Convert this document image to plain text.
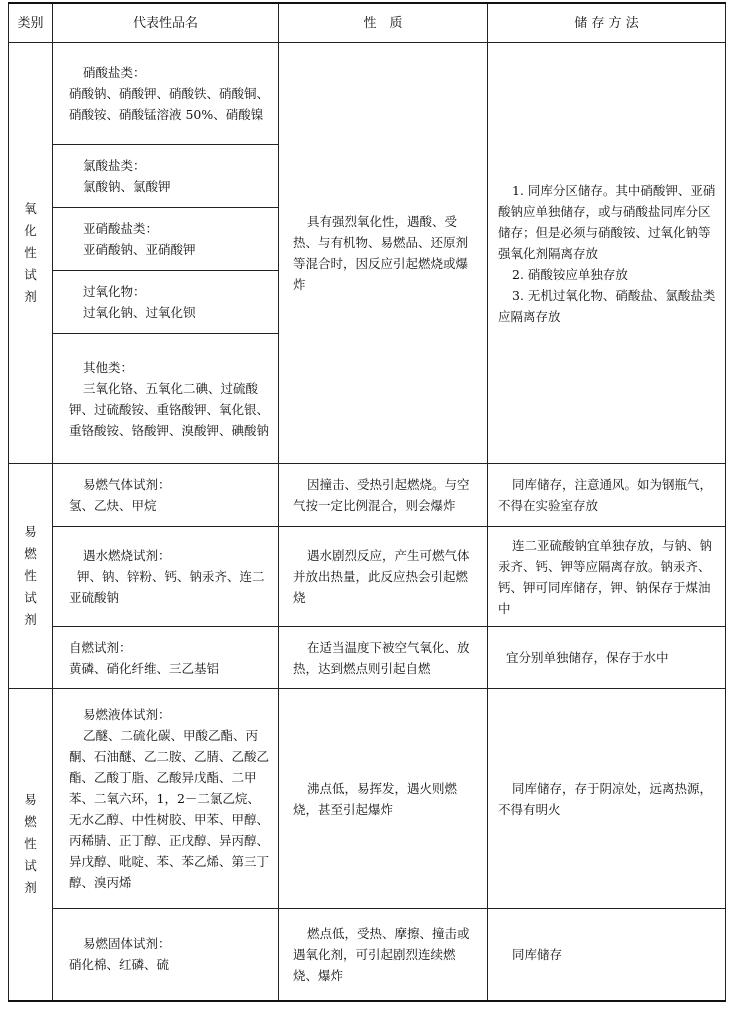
类别	代表性品名	性　质	储 存 方 法

氧
化
性
试
剂	硝酸盐类：
硝酸钠、硝酸钾、硝酸铁、硝酸铜、硝酸铵、硝酸锰溶液 50%、硝酸镍	具有强烈氧化性，遇酸、受热、与有机物、易燃品、还原剂等混合时，因反应引起燃烧或爆炸	1. 同库分区储存。其中硝酸钾、亚硝酸钠应单独储存，或与硝酸盐同库分区储存；但是必须与硝酸铵、过氧化钠等强氧化剂隔离存放
2. 硝酸铵应单独存放
3. 无机过氧化物、硝酸盐、氯酸盐类应隔离存放

	氯酸盐类：
氯酸钠、氯酸钾		

	亚硝酸盐类：
亚硝酸钠、亚硝酸钾		

	过氧化物：
过氧化钠、过氧化钡		

	其他类：
三氧化铬、五氧化二碘、过硫酸钾、过硫酸铵、重铬酸钾、氧化银、重铬酸铵、铬酸钾、溴酸钾、碘酸钠		

易
燃
性
试
剂	易燃气体试剂：
氢、乙炔、甲烷	因撞击、受热引起燃烧。与空气按一定比例混合，则会爆炸	同库储存，注意通风。如为钢瓶气，不得在实验室存放

	遇水燃烧试剂：
钾、钠、锌粉、钙、钠汞齐、连二亚硫酸钠	遇水剧烈反应，产生可燃气体并放出热量，此反应热会引起燃烧	连二亚硫酸钠宜单独存放，与钠、钠汞齐、钙、钾等应隔离存放。钠汞齐、钙、钾可同库储存，钾、钠保存于煤油中

	自燃试剂：
黄磷、硝化纤维、三乙基铝	在适当温度下被空气氧化、放热，达到燃点则引起自燃	宜分别单独储存，保存于水中

易
燃
性
试
剂	易燃液体试剂：
乙醚、二硫化碳、甲酸乙酯、丙酮、石油醚、乙二胺、乙腈、乙酸乙酯、乙酸丁脂、乙酸异戊酯、二甲苯、二氧六环，1，2－二氯乙烷、无水乙醇、中性树胶、甲苯、甲醇、丙稀腈、正丁醇、正戊醇、异丙醇、异戊醇、吡啶、苯、苯乙烯、第三丁醇、溴丙烯	沸点低，易挥发，遇火则燃烧，甚至引起爆炸	同库储存，存于阴凉处，远离热源，不得有明火

	易燃固体试剂：
硝化棉、红磷、硫	燃点低，受热、摩擦、撞击或遇氧化剂，可引起剧烈连续燃烧、爆炸	同库储存
